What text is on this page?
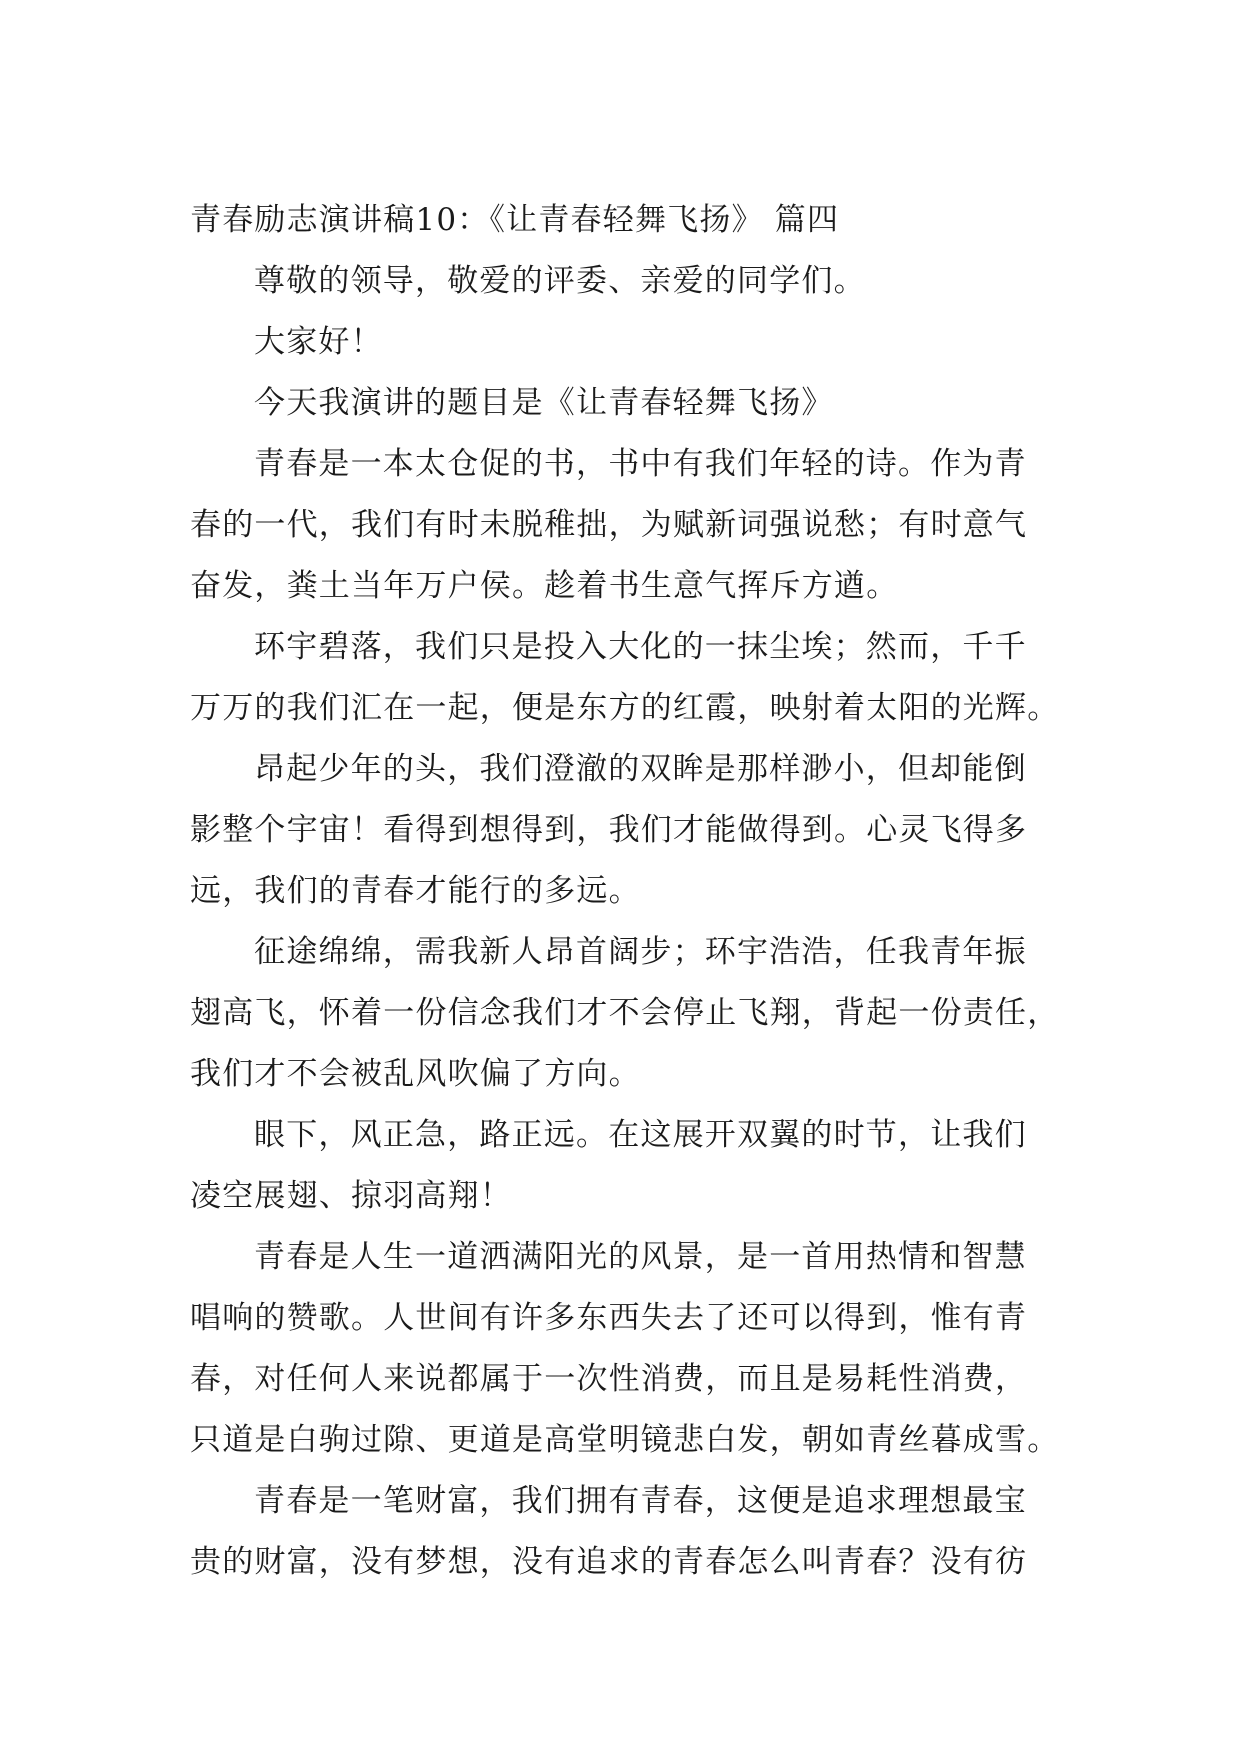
青春励志演讲稿10：《让青春轻舞飞扬》 篇四

尊敬的领导，敬爱的评委、亲爱的同学们。

大家好！

今天我演讲的题目是《让青春轻舞飞扬》

青春是一本太仓促的书，书中有我们年轻的诗。作为青
春的一代，我们有时未脱稚拙，为赋新词强说愁；有时意气
奋发，粪土当年万户侯。趁着书生意气挥斥方遒。

环宇碧落，我们只是投入大化的一抹尘埃；然而，千千
万万的我们汇在一起，便是东方的红霞，映射着太阳的光辉。

昂起少年的头，我们澄澈的双眸是那样渺小，但却能倒
影整个宇宙！看得到想得到，我们才能做得到。心灵飞得多
远，我们的青春才能行的多远。

征途绵绵，需我新人昂首阔步；环宇浩浩，任我青年振
翅高飞，怀着一份信念我们才不会停止飞翔，背起一份责任，
我们才不会被乱风吹偏了方向。

眼下，风正急，路正远。在这展开双翼的时节，让我们
凌空展翅、掠羽高翔！

青春是人生一道洒满阳光的风景，是一首用热情和智慧
唱响的赞歌。人世间有许多东西失去了还可以得到，惟有青
春，对任何人来说都属于一次性消费，而且是易耗性消费，
只道是白驹过隙、更道是高堂明镜悲白发，朝如青丝暮成雪。

青春是一笔财富，我们拥有青春，这便是追求理想最宝
贵的财富，没有梦想，没有追求的青春怎么叫青春？没有彷
